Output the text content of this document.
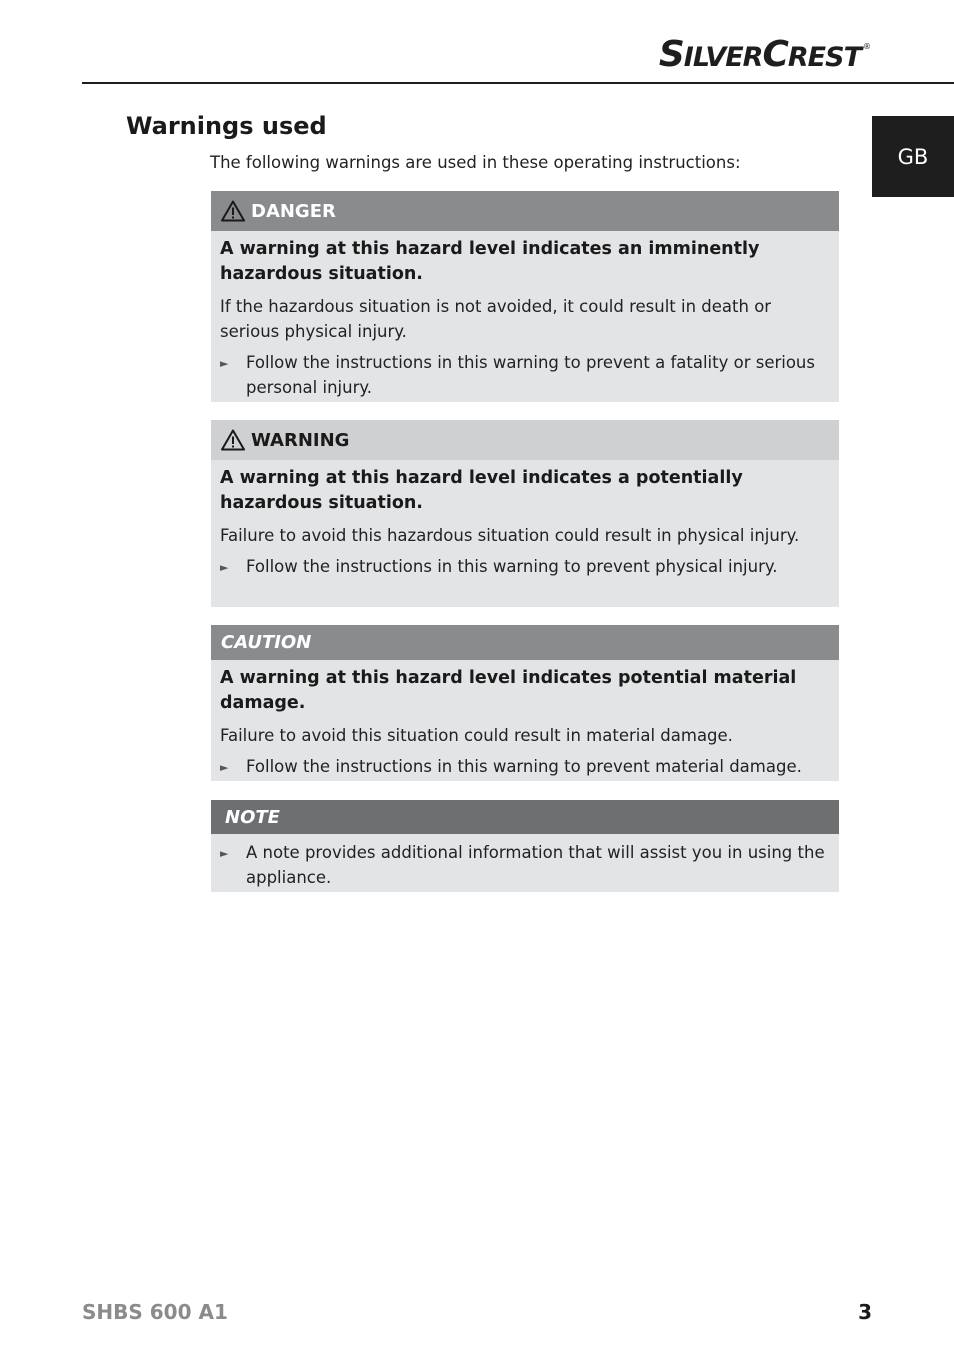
SILVERCREST ®
GB
Warnings used

The following warnings are used in these operating instructions:

DANGER

A warning at this hazard level indicates an imminently hazardous situation.

If the hazardous situation is not avoided, it could result in death or serious physical injury.

►	Follow the instructions in this warning to prevent a fatality or serious personal injury.
WARNING

A warning at this hazard level indicates a potentially hazardous situation.

Failure to avoid this hazardous situation could result in physical injury.

►	Follow the instructions in this warning to prevent physical injury.
CAUTION

A warning at this hazard level indicates potential material damage.

Failure to avoid this situation could result in material damage.

►	Follow the instructions in this warning to prevent material damage.
NOTE
►	A note provides additional information that will assist you in using the appliance.
SHBS 600 A1	3
